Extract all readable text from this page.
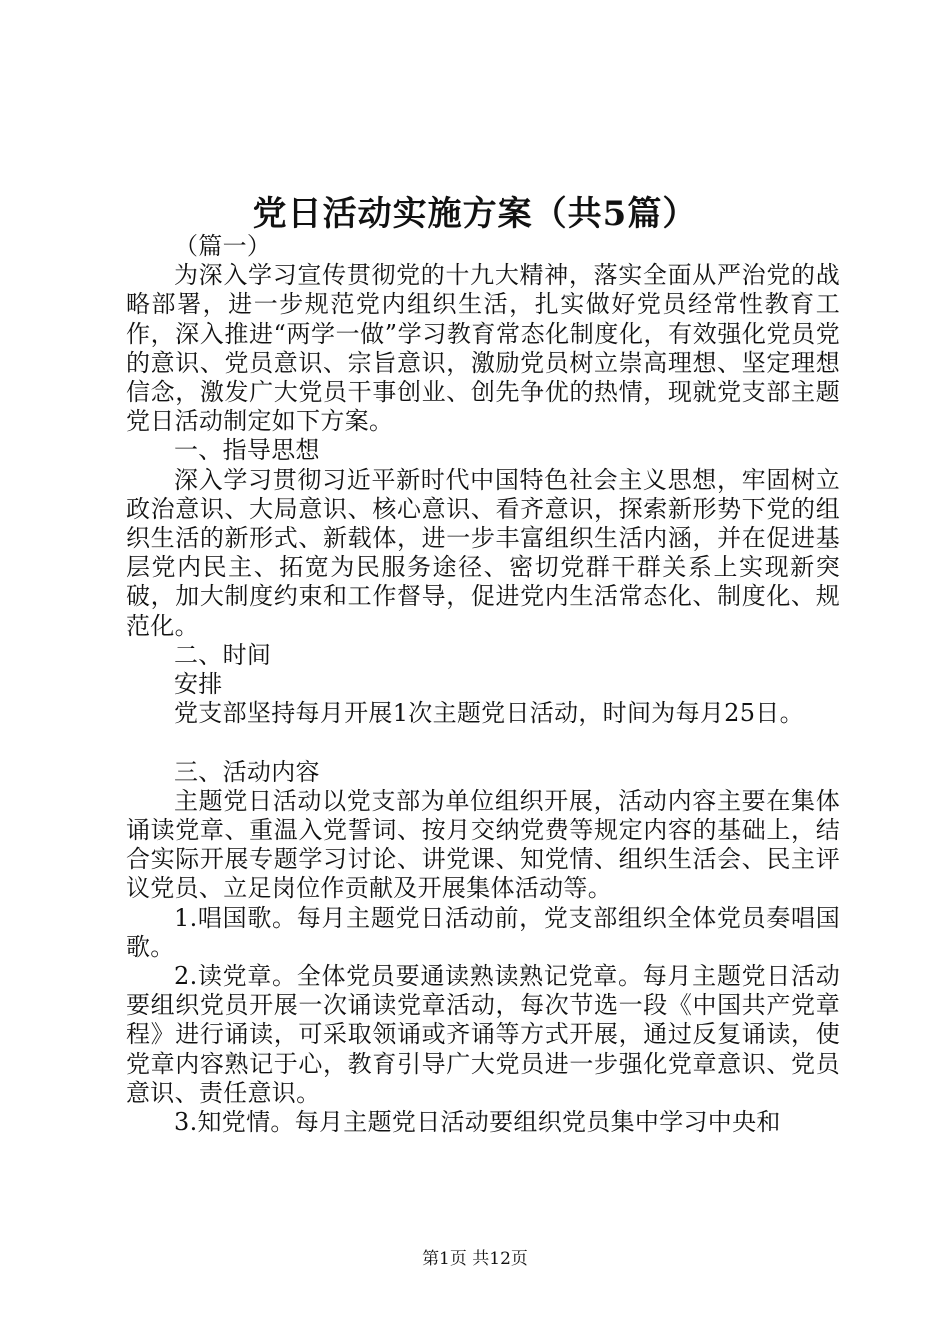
党日活动实施方案（共5篇）

（篇一）

为深入学习宣传贯彻党的十九大精神，落实全面从严治党的战略部署，进一步规范党内组织生活，扎实做好党员经常性教育工作，深入推进“两学一做”学习教育常态化制度化，有效强化党员党的意识、党员意识、宗旨意识，激励党员树立崇高理想、坚定理想信念，激发广大党员干事创业、创先争优的热情，现就党支部主题党日活动制定如下方案。

一、指导思想

深入学习贯彻习近平新时代中国特色社会主义思想，牢固树立政治意识、大局意识、核心意识、看齐意识，探索新形势下党的组织生活的新形式、新载体，进一步丰富组织生活内涵，并在促进基层党内民主、拓宽为民服务途径、密切党群干群关系上实现新突破，加大制度约束和工作督导，促进党内生活常态化、制度化、规范化。

二、时间

安排

党支部坚持每月开展1次主题党日活动，时间为每月25日。

三、活动内容

主题党日活动以党支部为单位组织开展，活动内容主要在集体诵读党章、重温入党誓词、按月交纳党费等规定内容的基础上，结合实际开展专题学习讨论、讲党课、知党情、组织生活会、民主评议党员、立足岗位作贡献及开展集体活动等。

1.唱国歌。每月主题党日活动前，党支部组织全体党员奏唱国歌。

2.读党章。全体党员要通读熟读熟记党章。每月主题党日活动要组织党员开展一次诵读党章活动，每次节选一段《中国共产党章程》进行诵读，可采取领诵或齐诵等方式开展，通过反复诵读，使党章内容熟记于心，教育引导广大党员进一步强化党章意识、党员意识、责任意识。

3.知党情。每月主题党日活动要组织党员集中学习中央和

第1页 共12页
